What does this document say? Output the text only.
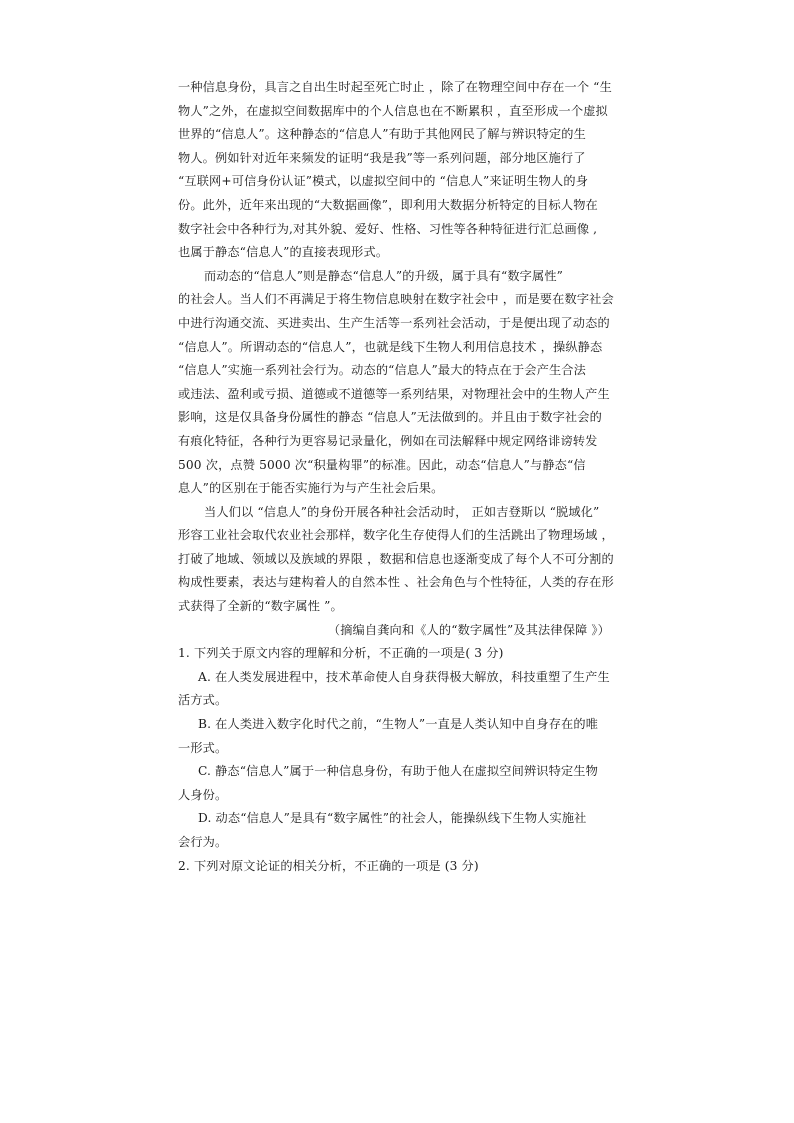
一种信息身份，具言之自出生时起至死亡时止 ，除了在物理空间中存在一个 “生
物人”之外，在虚拟空间数据库中的个人信息也在不断累积 ，直至形成一个虚拟
世界的“信息人”。这种静态的“信息人”有助于其他网民了解与辨识特定的生
物人。例如针对近年来频发的证明“我是我”等一系列问题，部分地区施行了
“互联网+可信身份认证”模式，以虚拟空间中的 “信息人”来证明生物人的身
份。此外，近年来出现的“大数据画像”，即利用大数据分析特定的目标人物在
数字社会中各种行为,对其外貌、爱好、性格、习性等各种特征进行汇总画像 ,
也属于静态“信息人”的直接表现形式。
而动态的“信息人”则是静态“信息人”的升级，属于具有“数字属性”
的社会人。当人们不再满足于将生物信息映射在数字社会中 ，而是要在数字社会
中进行沟通交流、买进卖出、生产生活等一系列社会活动，于是便出现了动态的
“信息人”。所谓动态的“信息人”，也就是线下生物人利用信息技术 ，操纵静态
“信息人”实施一系列社会行为。动态的“信息人”最大的特点在于会产生合法
或违法、盈利或亏损、道德或不道德等一系列结果，对物理社会中的生物人产生
影响，这是仅具备身份属性的静态 “信息人”无法做到的。并且由于数字社会的
有痕化特征，各种行为更容易记录量化，例如在司法解释中规定网络诽谤转发
500 次，点赞 5000 次“积量构罪”的标准。因此，动态“信息人”与静态“信
息人”的区别在于能否实施行为与产生社会后果。
当人们以 “信息人”的身份开展各种社会活动时， 正如吉登斯以 “脱域化”
形容工业社会取代农业社会那样，数字化生存使得人们的生活跳出了物理场域 ，
打破了地域、领域以及族域的界限 ，数据和信息也逐渐变成了每个人不可分割的
构成性要素，表达与建构着人的自然本性 、社会角色与个性特征，人类的存在形
式获得了全新的“数字属性 ”。
（摘编自龚向和《人的“数字属性”及其法律保障 》）
1. 下列关于原文内容的理解和分析，不正确的一项是( 3 分)
A. 在人类发展进程中，技术革命使人自身获得极大解放，科技重塑了生产生
活方式。
B. 在人类进入数字化时代之前，“生物人”一直是人类认知中自身存在的唯
一形式。
C. 静态“信息人”属于一种信息身份，有助于他人在虚拟空间辨识特定生物
人身份。
D. 动态“信息人”是具有“数字属性”的社会人，能操纵线下生物人实施社
会行为。
2. 下列对原文论证的相关分析，不正确的一项是 (3 分)
